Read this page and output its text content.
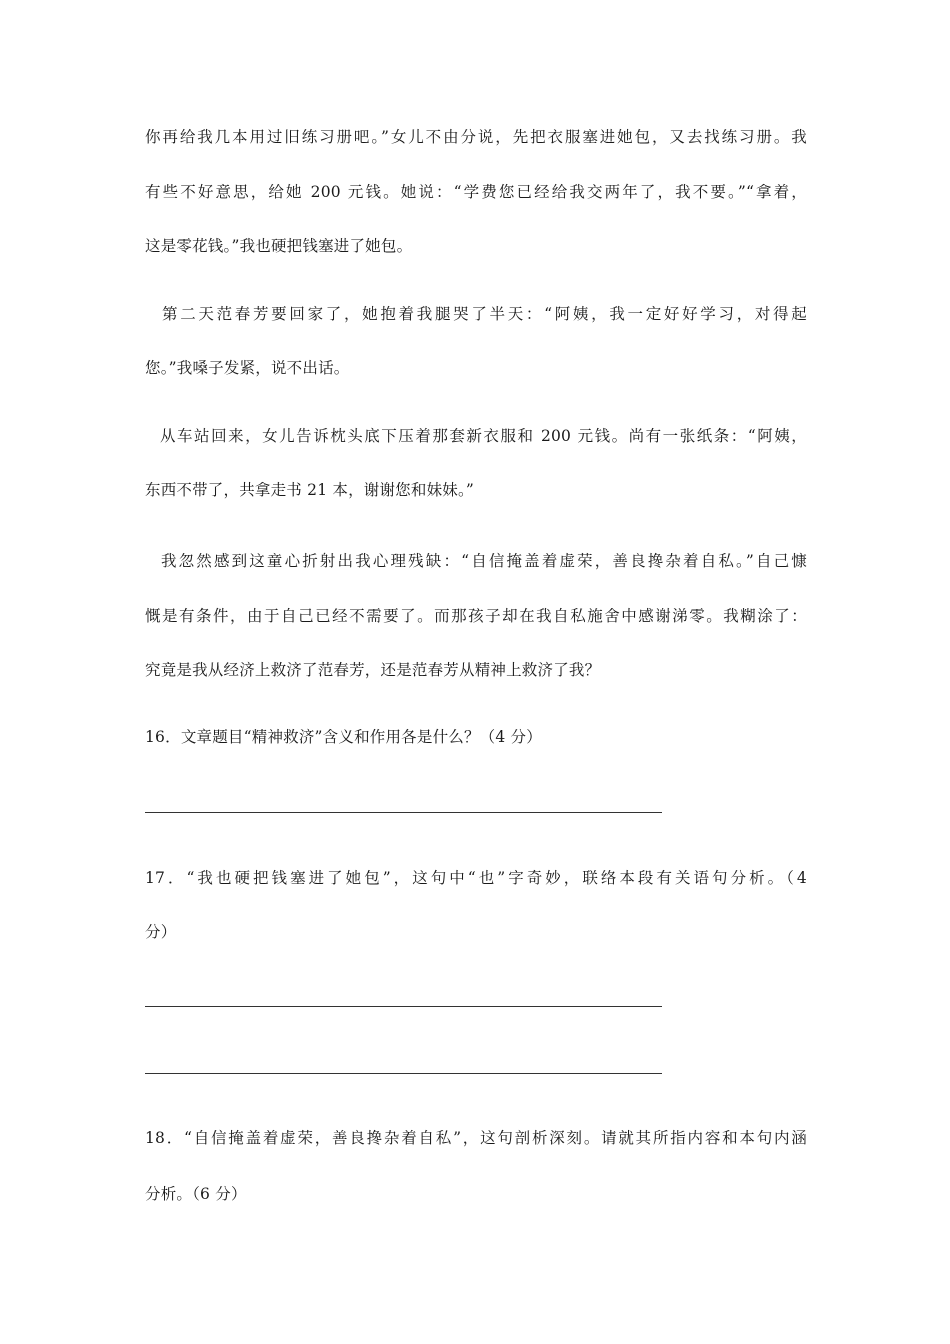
你再给我几本用过旧练习册吧。”女儿不由分说，先把衣服塞进她包，又去找练习册。我
有些不好意思，给她 200 元钱。她说：“学费您已经给我交两年了，我不要。”“拿着，
这是零花钱。”我也硬把钱塞进了她包。
第二天范春芳要回家了，她抱着我腿哭了半天：“阿姨，我一定好好学习，对得起
您。”我嗓子发紧，说不出话。
从车站回来，女儿告诉枕头底下压着那套新衣服和 200 元钱。尚有一张纸条：“阿姨，
东西不带了，共拿走书 21 本，谢谢您和妹妹。”
我忽然感到这童心折射出我心理残缺：“自信掩盖着虚荣，善良搀杂着自私。”自己慷
慨是有条件，由于自己已经不需要了。而那孩子却在我自私施舍中感谢涕零。我糊涂了：
究竟是我从经济上救济了范春芳，还是范春芳从精神上救济了我？
16．文章题目“精神救济”含义和作用各是什么？（4 分）
17．“我也硬把钱塞进了她包”，这句中“也”字奇妙，联络本段有关语句分析。（4
分）
18．“自信掩盖着虚荣，善良搀杂着自私”，这句剖析深刻。请就其所指内容和本句内涵
分析。（6 分）
